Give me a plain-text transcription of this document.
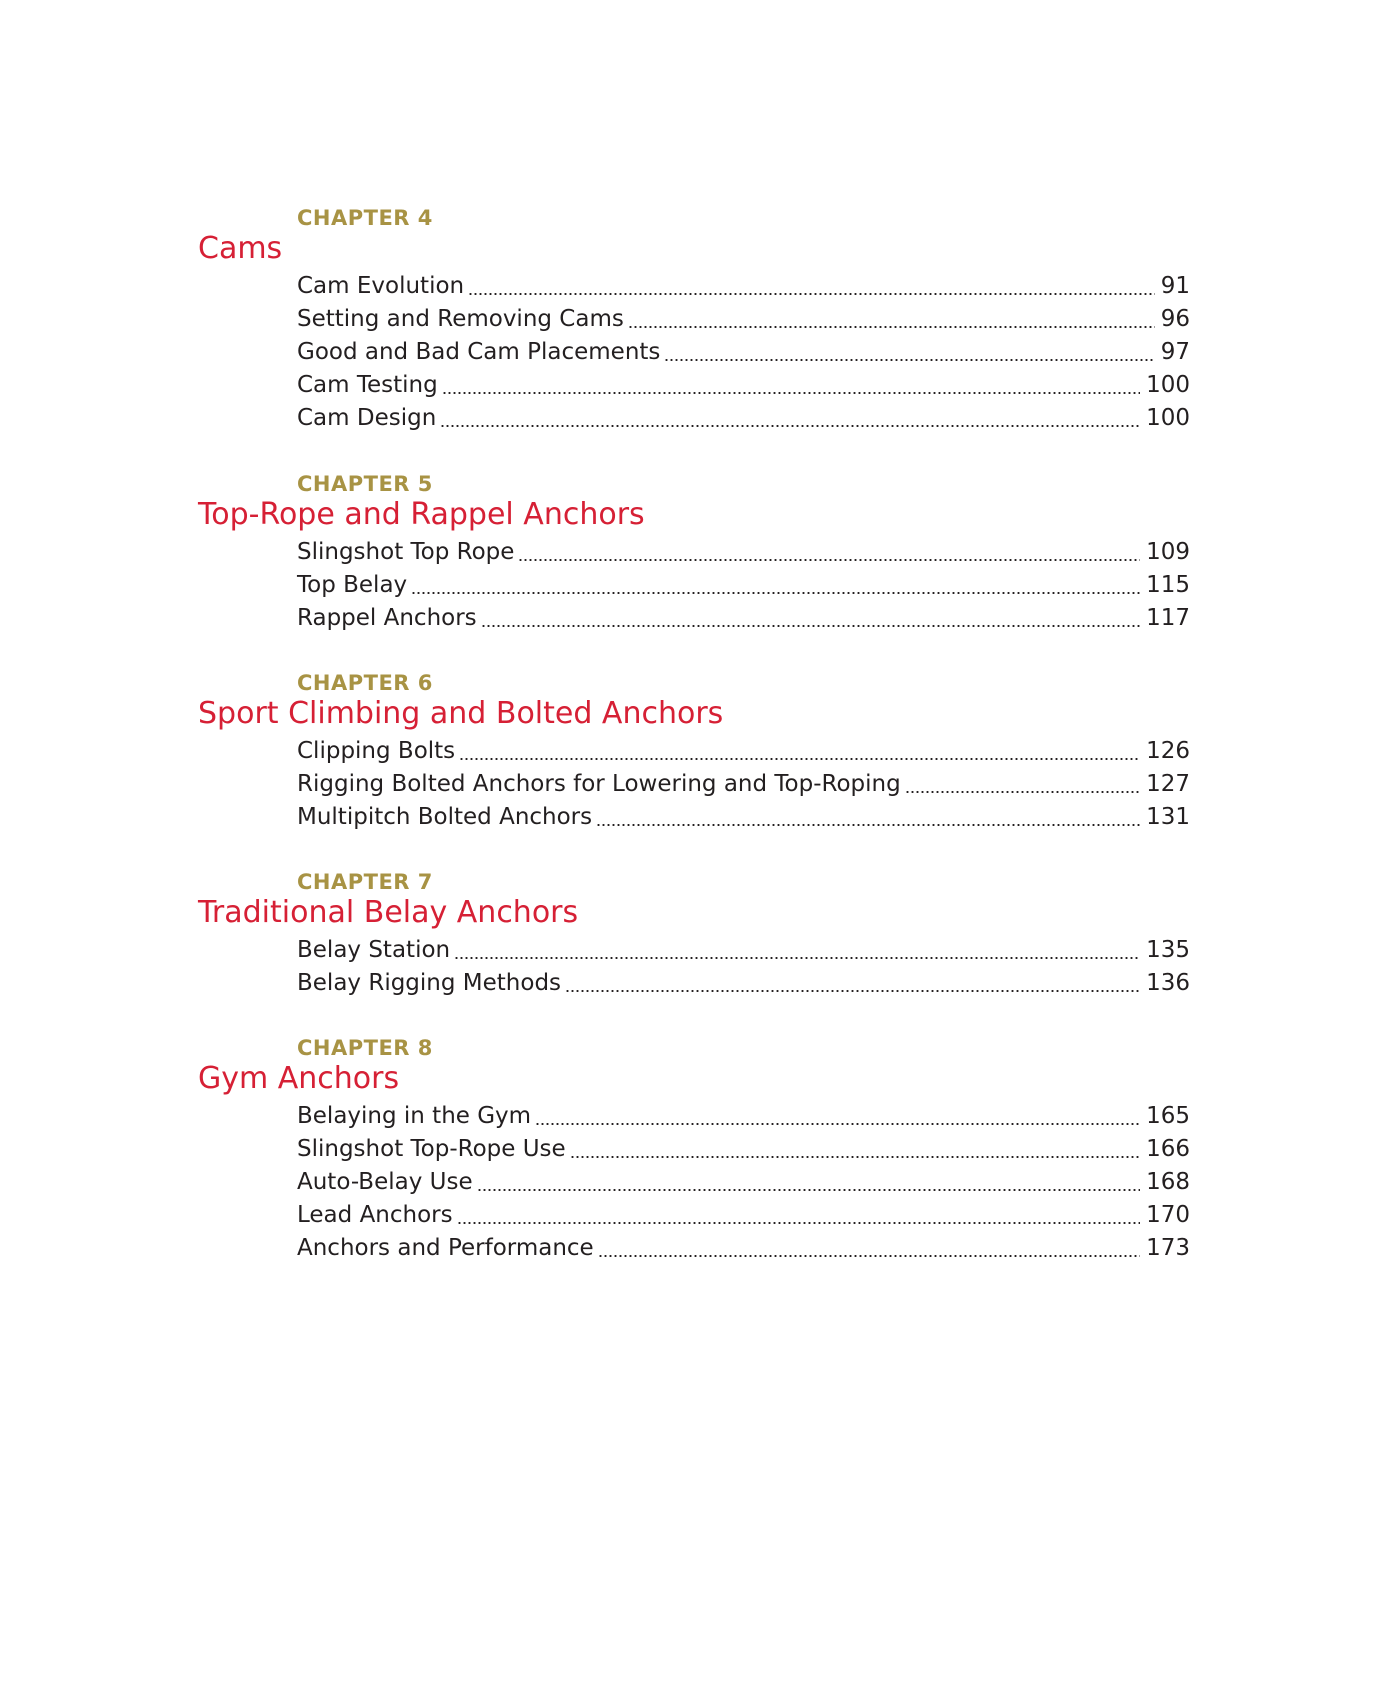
CHAPTER 4
Cams
Cam Evolution	91
Setting and Removing Cams	96
Good and Bad Cam Placements	97
Cam Testing	100
Cam Design	100
CHAPTER 5
Top-Rope and Rappel Anchors
Slingshot Top Rope	109
Top Belay	115
Rappel Anchors	117
CHAPTER 6
Sport Climbing and Bolted Anchors
Clipping Bolts	126
Rigging Bolted Anchors for Lowering and Top-Roping	127
Multipitch Bolted Anchors	131
CHAPTER 7
Traditional Belay Anchors
Belay Station	135
Belay Rigging Methods	136
CHAPTER 8
Gym Anchors
Belaying in the Gym	165
Slingshot Top-Rope Use	166
Auto-Belay Use	168
Lead Anchors	170
Anchors and Performance	173
